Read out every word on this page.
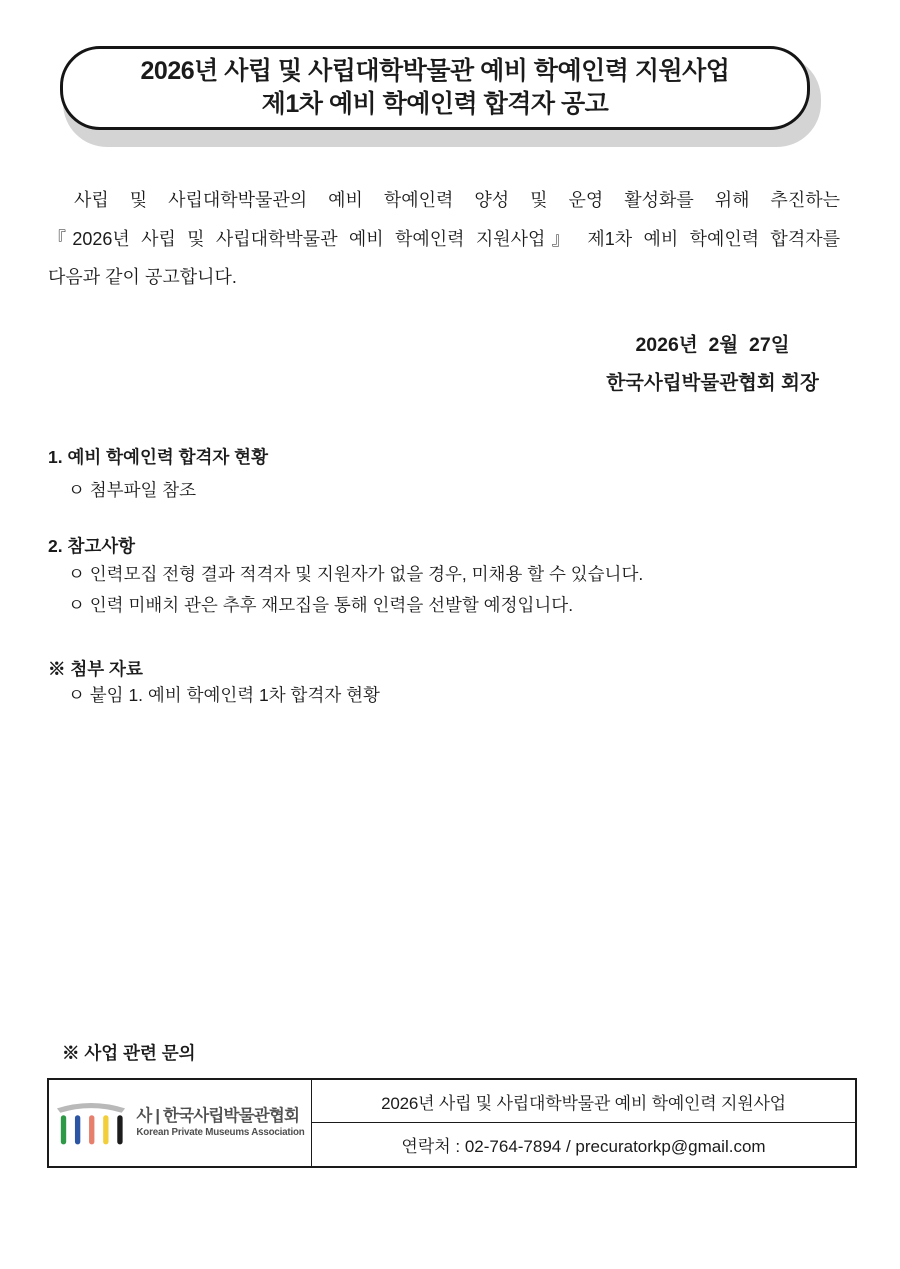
2026년 사립 및 사립대학박물관 예비 학예인력 지원사업
제1차 예비 학예인력 합격자 공고
사립 및 사립대학박물관의 예비 학예인력 양성 및 운영 활성화를 위해 추진하는
『2026년 사립 및 사립대학박물관 예비 학예인력 지원사업』 제1차 예비 학예인력 합격자를
다음과 같이 공고합니다.
2026년  2월  27일
한국사립박물관협회 회장
1. 예비 학예인력 합격자 현황
ㅇ 첨부파일 참조
2. 참고사항
ㅇ 인력모집 전형 결과 적격자 및 지원자가 없을 경우, 미채용 할 수 있습니다.
ㅇ 인력 미배치 관은 추후 재모집을 통해 인력을 선발할 예정입니다.
※ 첨부 자료
ㅇ 붙임 1. 예비 학예인력 1차 합격자 현황
※ 사업 관련 문의
사 | 한국사립박물관협회
Korean Private Museums Association
2026년 사립 및 사립대학박물관 예비 학예인력 지원사업
연락처 : 02-764-7894 / precuratorkp@gmail.com
